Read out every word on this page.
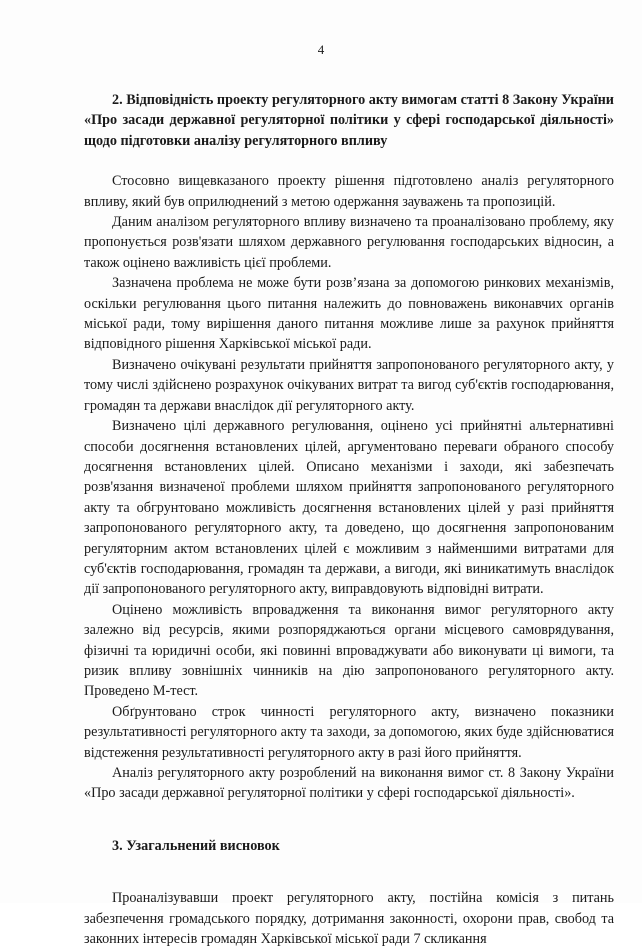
4

2. Відповідність проекту регуляторного акту вимогам статті 8 Закону України «Про засади державної регуляторної політики у сфері господарської діяльності» щодо підготовки аналізу регуляторного впливу

Стосовно вищевказаного проекту рішення підготовлено аналіз регуляторного впливу, який був оприлюднений з метою одержання зауважень та пропозицій.

Даним аналізом регуляторного впливу визначено та проаналізовано проблему, яку пропонується розв'язати шляхом державного регулювання господарських відносин, а також оцінено важливість цієї проблеми.

Зазначена проблема не може бути розв’язана за допомогою ринкових механізмів, оскільки регулювання цього питання належить до повноважень виконавчих органів міської ради, тому вирішення даного питання можливе лише за рахунок прийняття відповідного рішення Харківської міської ради.

Визначено очікувані результати прийняття запропонованого регуляторного акту, у тому числі здійснено розрахунок очікуваних витрат та вигод суб'єктів господарювання, громадян та держави внаслідок дії регуляторного акту.

Визначено цілі державного регулювання, оцінено усі прийнятні альтернативні способи досягнення встановлених цілей, аргументовано переваги обраного способу досягнення встановлених цілей. Описано механізми і заходи, які забезпечать розв'язання визначеної проблеми шляхом прийняття запропонованого регуляторного акту та обгрунтовано можливість досягнення встановлених цілей у разі прийняття запропонованого регуляторного акту, та доведено, що досягнення запропонованим регуляторним актом встановлених цілей є можливим з найменшими витратами для суб'єктів господарювання, громадян та держави, а вигоди, які виникатимуть внаслідок дії запропонованого регуляторного акту, виправдовують відповідні витрати.

Оцінено можливість впровадження та виконання вимог регуляторного акту залежно від ресурсів, якими розпоряджаються органи місцевого самоврядування, фізичні та юридичні особи, які повинні впроваджувати або виконувати ці вимоги, та ризик впливу зовнішніх чинників на дію запропонованого регуляторного акту. Проведено М-тест.

Обґрунтовано строк чинності регуляторного акту, визначено показники результативності регуляторного акту та заходи, за допомогою, яких буде здійснюватися відстеження результативності регуляторного акту в разі його прийняття.

Аналіз регуляторного акту розроблений на виконання вимог ст. 8 Закону України «Про засади державної регуляторної політики у сфері господарської діяльності».

3. Узагальнений висновок

Проаналізувавши проект регуляторного акту, постійна комісія з питань забезпечення громадського порядку, дотримання законності, охорони прав, свобод та законних інтересів громадян Харківської міської ради 7 скликання
